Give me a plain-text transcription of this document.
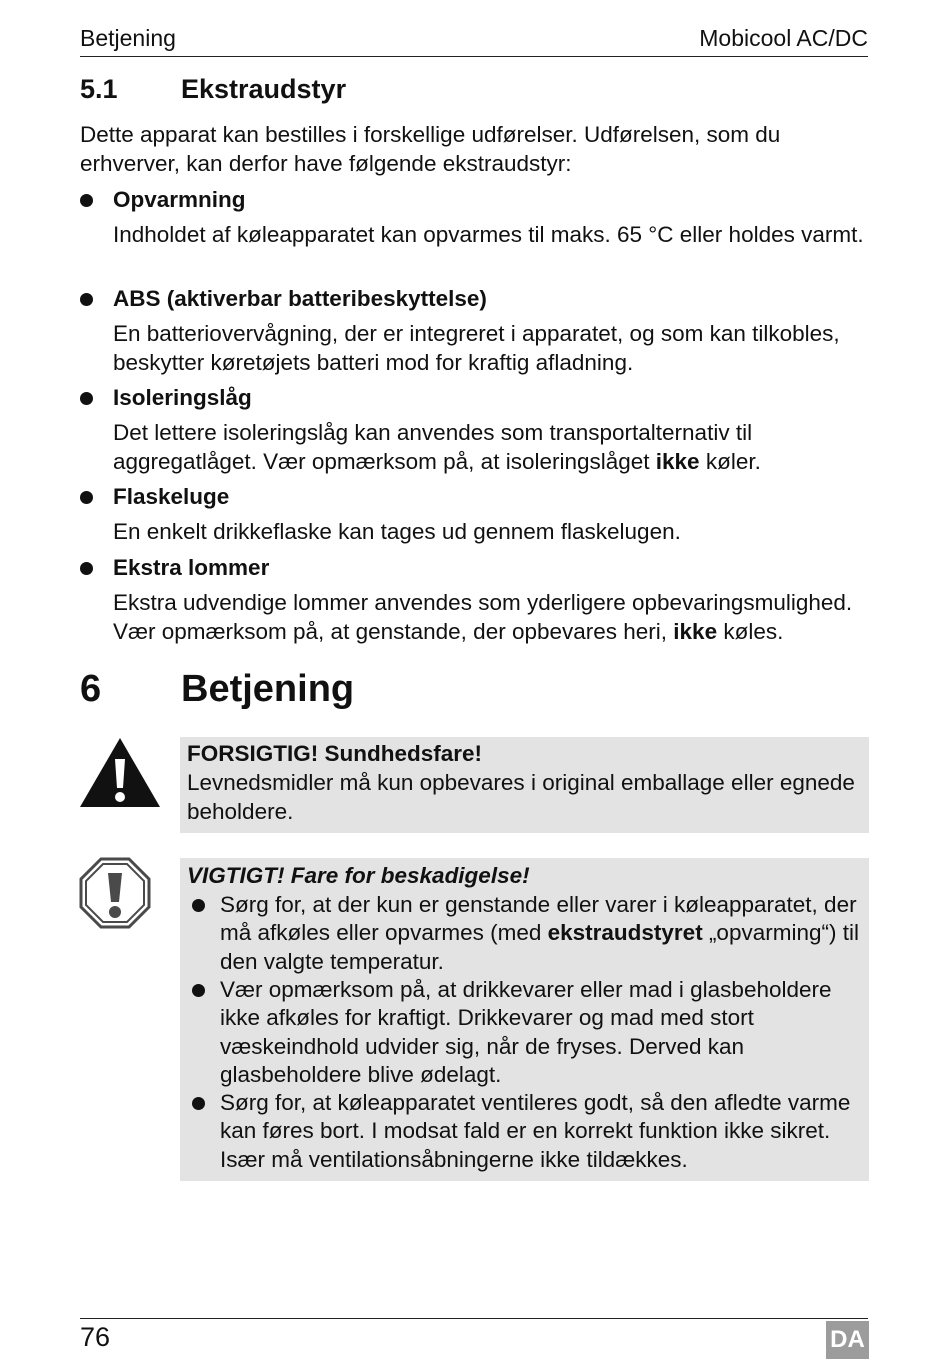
Betjening	Mobicool AC/DC
5.1 Ekstraudstyr

Dette apparat kan bestilles i forskellige udførelser. Udførelsen, som du erhverver, kan derfor have følgende ekstraudstyr:

Opvarmning

Indholdet af køleapparatet kan opvarmes til maks. 65 °C eller holdes varmt.

ABS (aktiverbar batteribeskyttelse)

En batteriovervågning, der er integreret i apparatet, og som kan tilkobles, beskytter køretøjets batteri mod for kraftig afladning.

Isoleringslåg

Det lettere isoleringslåg kan anvendes som transportalternativ til aggregatlåget. Vær opmærksom på, at isoleringslåget ikke køler.

Flaskeluge

En enkelt drikkeflaske kan tages ud gennem flaskelugen.

Ekstra lommer

Ekstra udvendige lommer anvendes som yderligere opbevaringsmulighed. Vær opmærksom på, at genstande, der opbevares heri, ikke køles.

6 Betjening
FORSIGTIG! Sundhedsfare!
Levnedsmidler må kun opbevares i original emballage eller egnede beholdere.
VIGTIGT! Fare for beskadigelse!
Sørg for, at der kun er genstande eller varer i køleapparatet, der må afkøles eller opvarmes (med ekstraudstyret „opvarming“) til den valgte temperatur.
Vær opmærksom på, at drikkevarer eller mad i glasbeholdere ikke afkøles for kraftigt. Drikkevarer og mad med stort væskeindhold udvider sig, når de fryses. Derved kan glasbeholdere blive ødelagt.
Sørg for, at køleapparatet ventileres godt, så den afledte varme kan føres bort. I modsat fald er en korrekt funktion ikke sikret. Især må ventilationsåbningerne ikke tildækkes.
76	DA
